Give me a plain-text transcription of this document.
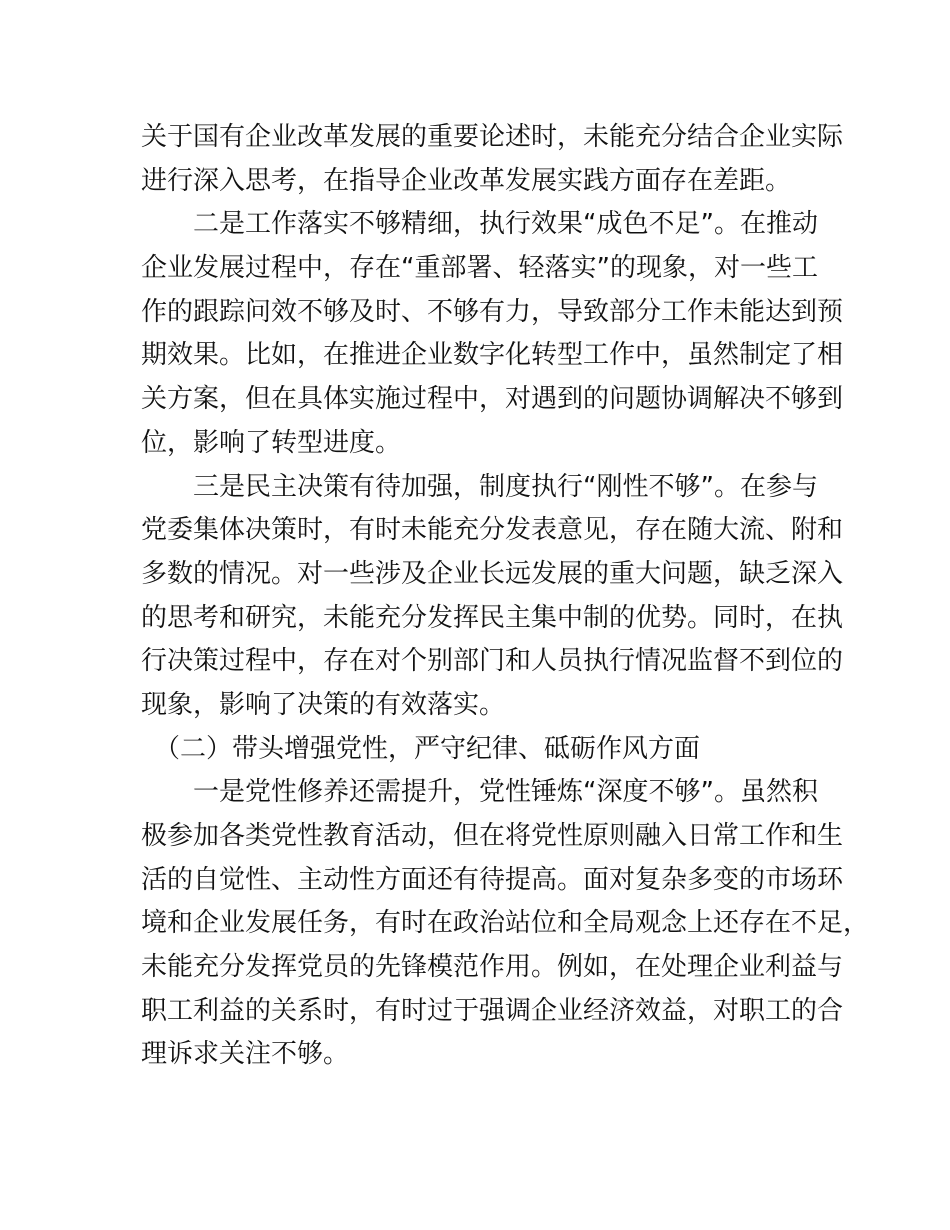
关于国有企业改革发展的重要论述时，未能充分结合企业实际
进行深入思考，在指导企业改革发展实践方面存在差距。
　　二是工作落实不够精细，执行效果“成色不足”。在推动
企业发展过程中，存在“重部署、轻落实”的现象，对一些工
作的跟踪问效不够及时、不够有力，导致部分工作未能达到预
期效果。比如，在推进企业数字化转型工作中，虽然制定了相
关方案，但在具体实施过程中，对遇到的问题协调解决不够到
位，影响了转型进度。
　　三是民主决策有待加强，制度执行“刚性不够”。在参与
党委集体决策时，有时未能充分发表意见，存在随大流、附和
多数的情况。对一些涉及企业长远发展的重大问题，缺乏深入
的思考和研究，未能充分发挥民主集中制的优势。同时，在执
行决策过程中，存在对个别部门和人员执行情况监督不到位的
现象，影响了决策的有效落实。
　（二）带头增强党性，严守纪律、砥砺作风方面
　　一是党性修养还需提升，党性锤炼“深度不够”。虽然积
极参加各类党性教育活动，但在将党性原则融入日常工作和生
活的自觉性、主动性方面还有待提高。面对复杂多变的市场环
境和企业发展任务，有时在政治站位和全局观念上还存在不足，
未能充分发挥党员的先锋模范作用。例如，在处理企业利益与
职工利益的关系时，有时过于强调企业经济效益，对职工的合
理诉求关注不够。
